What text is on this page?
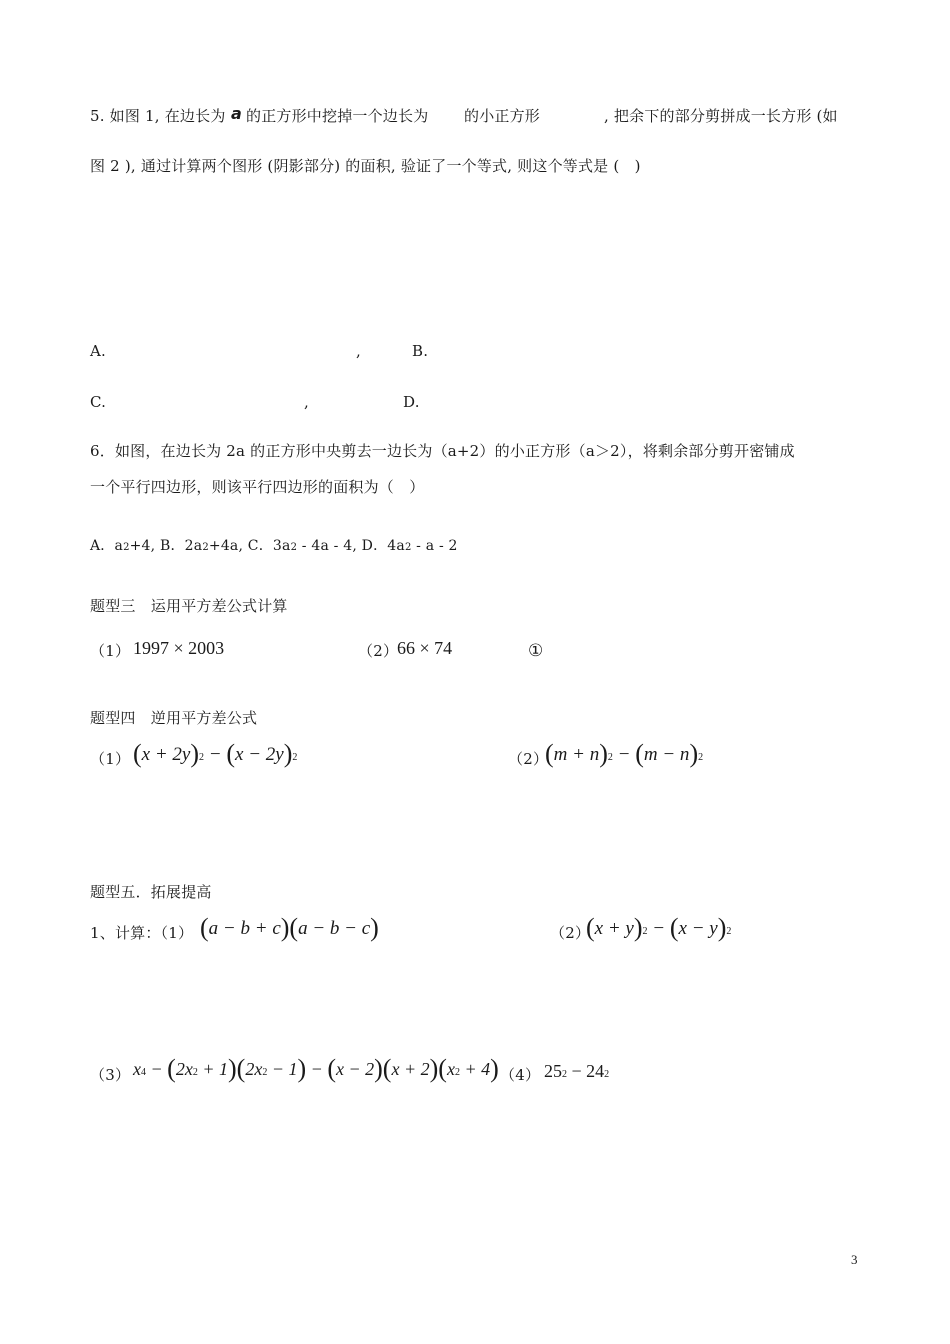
5. 如图 1, 在边长为 a 的正方形中挖掉一个边长为 的小正方形	, 把余下的部分剪拼成一长方形 (如
图 2 ), 通过计算两个图形 (阴影部分) 的面积, 验证了一个等式, 则这个等式是 (　)
A.	,	B.
C.	,	D.
6．如图，在边长为 2a 的正方形中央剪去一边长为（a+2）的小正方形（a＞2），将剩余部分剪开密铺成
一个平行四边形，则该平行四边形的面积为（　）
A．a2+4, B．2a2+4a, C．3a2 - 4a - 4, D．4a2 - a - 2
题型三　运用平方差公式计算
（1） 1997 × 2003	（2）
66 × 74	①
题型四　逆用平方差公式
（1） (x + 2y)2 − (x − 2y)2	（2）
(m + n)2 − (m − n)2
题型五．拓展提高
1、计算：（1） (a − b + c)(a − b − c)	（2）
(x + y)2 − (x − y)2
（3） x4 − (2x2 + 1)(2x2 − 1) − (x − 2)(x + 2)(x2 + 4) （4） 252 − 242
3
